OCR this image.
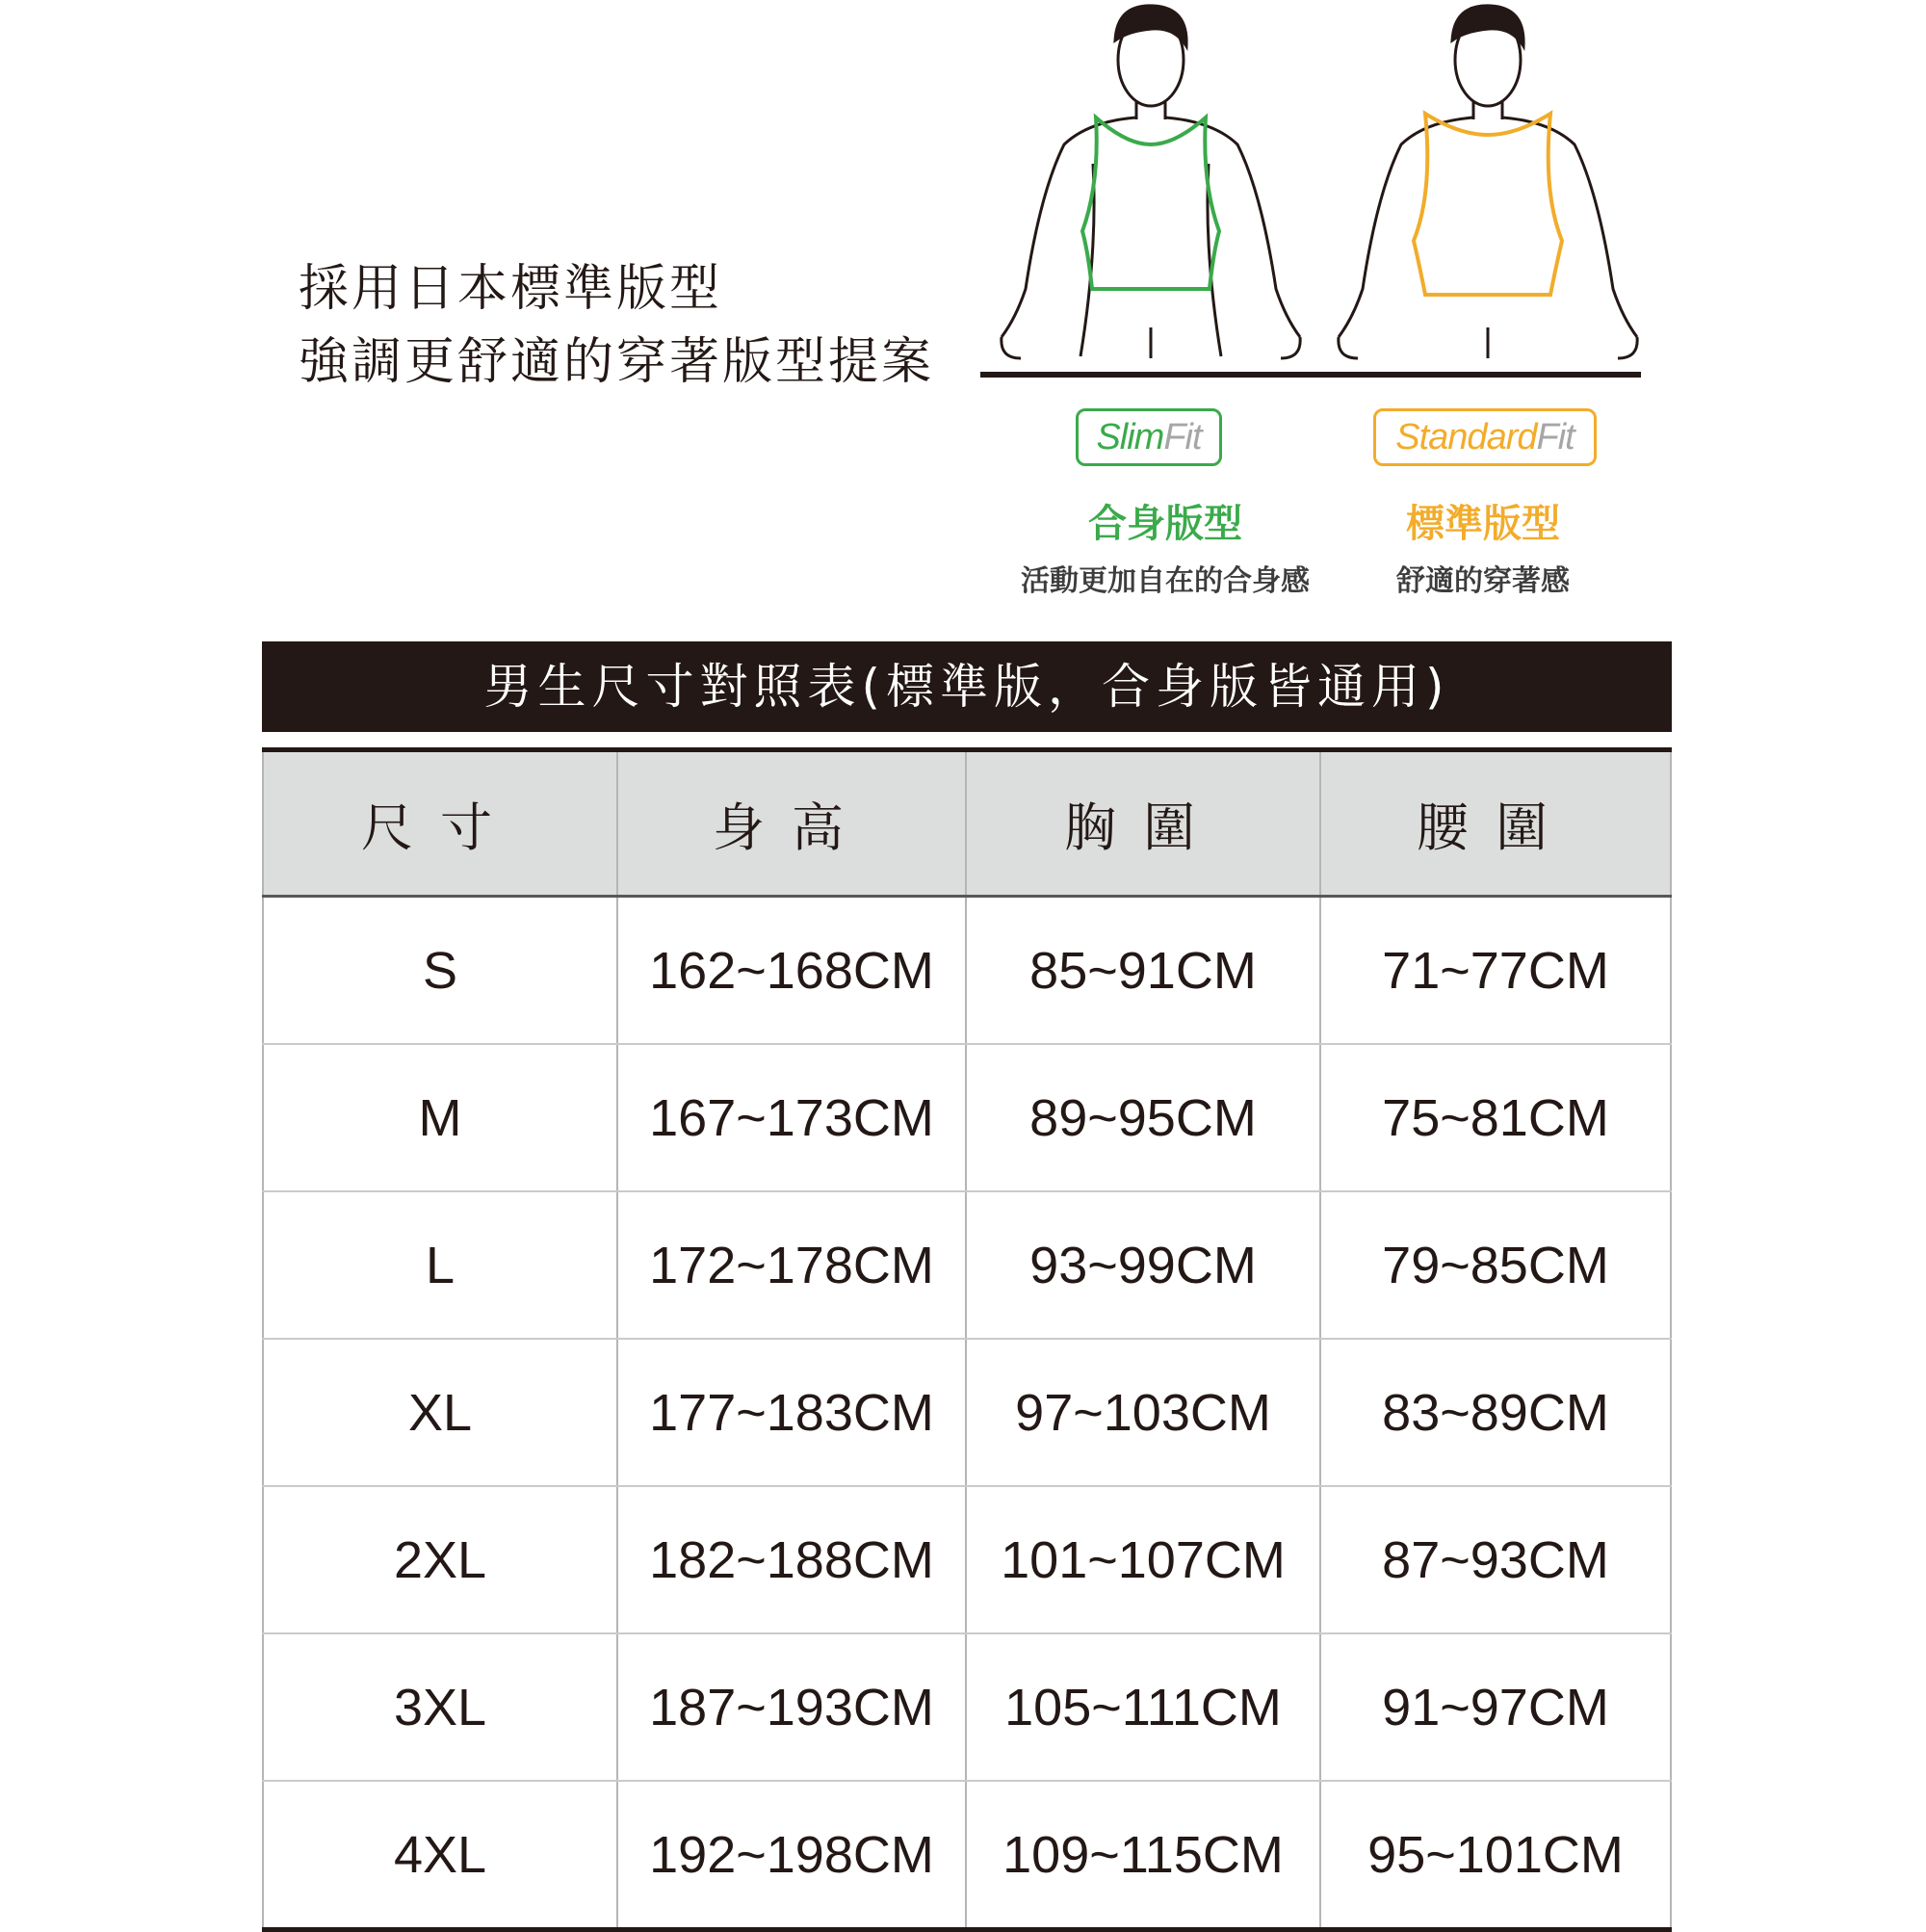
採用日本標準版型
強調更舒適的穿著版型提案
SlimFit	StandardFit
合身版型	標準版型
活動更加自在的合身感	舒適的穿著感
男生尺寸對照表(標準版，合身版皆通用)
尺寸	身高	胸圍	腰圍
S	162~168CM	85~91CM	71~77CM
M	167~173CM	89~95CM	75~81CM
L	172~178CM	93~99CM	79~85CM
XL	177~183CM	97~103CM	83~89CM
2XL	182~188CM	101~107CM	87~93CM
3XL	187~193CM	105~111CM	91~97CM
4XL	192~198CM	109~115CM	95~101CM
